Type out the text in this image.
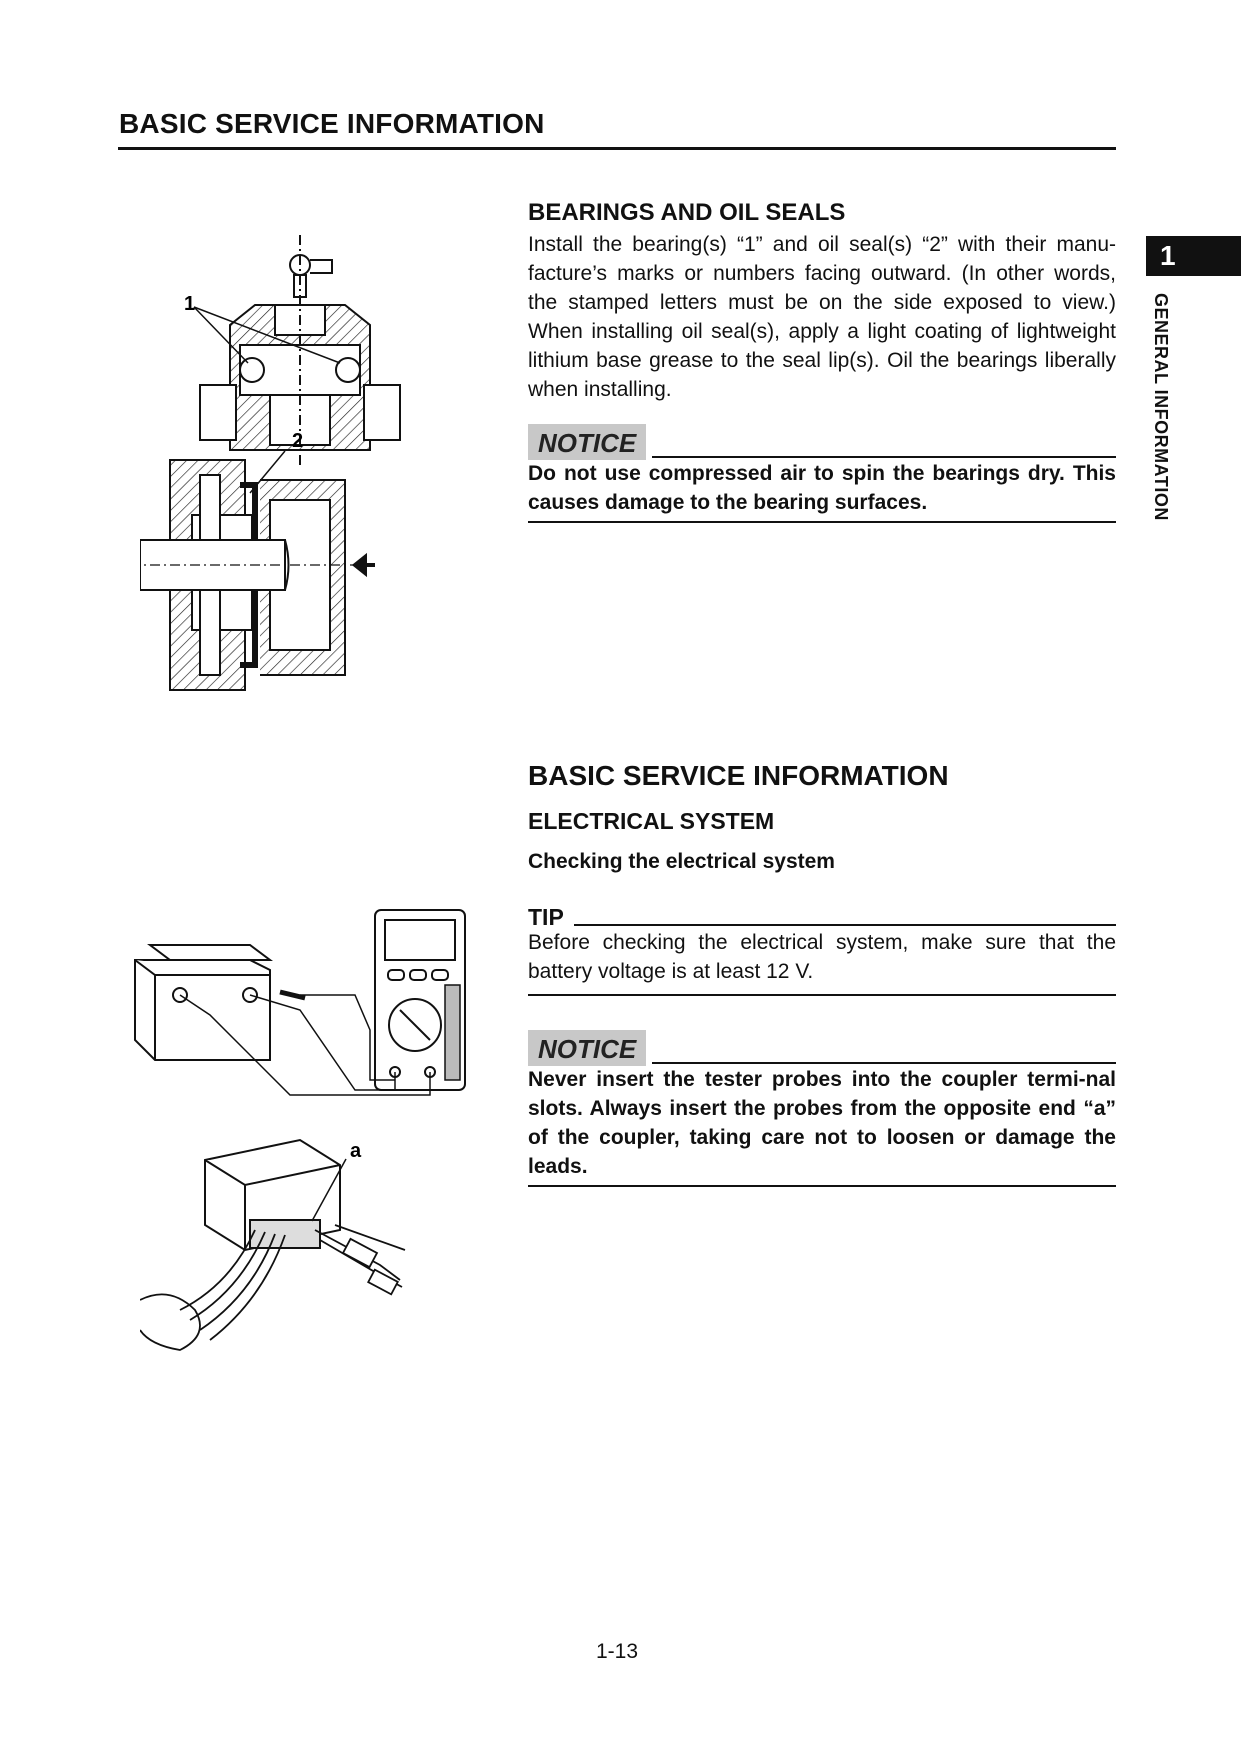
BASIC SERVICE INFORMATION
1
GENERAL INFORMATION
BEARINGS AND OIL SEALS
Install the bearing(s) “1” and oil seal(s) “2” with their manu-facture’s marks or numbers facing outward. (In other words, the stamped letters must be on the side exposed to view.) When installing oil seal(s), apply a light coating of lightweight lithium base grease to the seal lip(s). Oil the bearings liberally when installing.
NOTICE
Do not use compressed air to spin the bearings dry. This causes damage to the bearing surfaces.
BASIC SERVICE INFORMATION
ELECTRICAL SYSTEM
Checking the electrical system
TIP
Before checking the electrical system, make sure that the battery voltage is at least 12 V.
NOTICE
Never insert the tester probes into the coupler termi-nal slots. Always insert the probes from the opposite end “a” of the coupler, taking care not to loosen or damage the leads.
1-13
1
2
a
